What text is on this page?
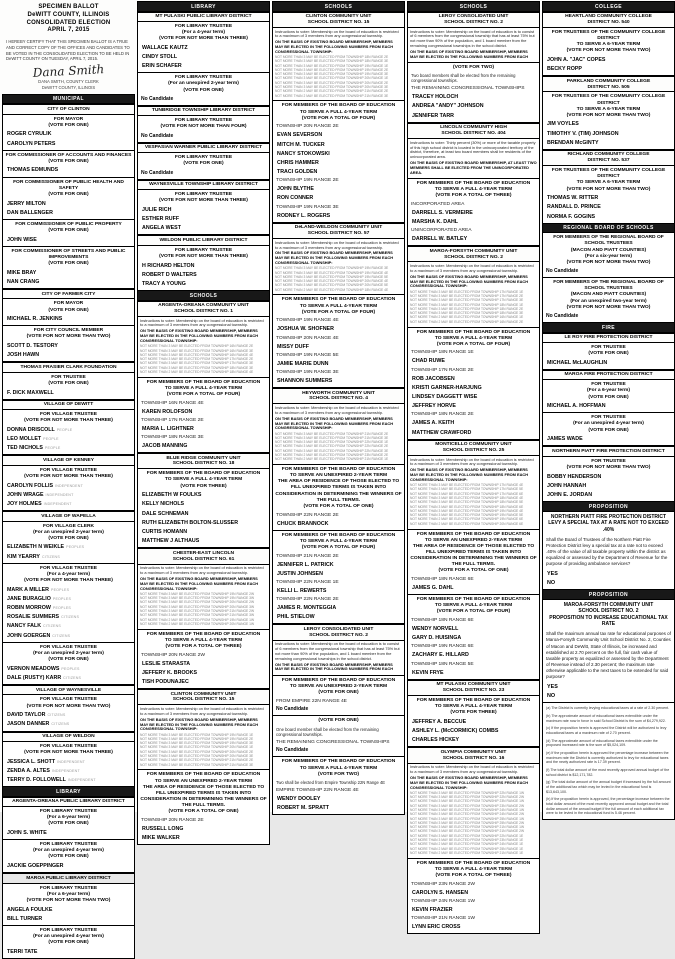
SPECIMEN BALLOT
DeWITT COUNTY, ILLINOIS
CONSOLIDATED ELECTION
APRIL 7, 2015
I HEREBY CERTIFY THAT THIS SPECIMEN BALLOT IS A TRUE AND CORRECT COPY OF THE OFFICES AND CANDIDATES TO BE VOTED IN THE CONSOLIDATED ELECTION TO BE HELD IN DeWITT COUNTY ON TUESDAY, APRIL 7, 2015.
Dana Smith
DANA SMITH, COUNTY CLERK
DeWITT COUNTY, ILLINOIS
MUNICIPAL
CITY OF CLINTON
FOR MAYOR
(VOTE FOR ONE)
ROGER CYRULIK
CAROLYN PETERS
FOR COMMISSIONER OF ACCOUNTS AND FINANCES
(VOTE FOR ONE)
THOMAS EDMUNDS
FOR COMMISSIONER OF PUBLIC HEALTH AND SAFETY
(VOTE FOR ONE)
JERRY MILTON
DAN BALLENGER
FOR COMMISSIONER OF PUBLIC PROPERTY
(VOTE FOR ONE)
JOHN WISE
FOR COMMISSIONER OF STREETS AND PUBLIC IMPROVEMENTS
(VOTE FOR ONE)
MIKE BRAY
NAN CRANG
CITY OF FARMER CITY
FOR MAYOR
(VOTE FOR ONE)
MICHAEL R. JENKINS
FOR CITY COUNCIL MEMBER
(VOTE FOR NOT MORE THAN TWO)
SCOTT D. TESTORY
JOSH HAWN
THOMAS FRASIER CLARK FOUNDATION
FOR TRUSTEE
(VOTE FOR ONE)
F. DICK MAXWELL
VILLAGE OF DEWITT
FOR VILLAGE TRUSTEE
(VOTE FOR NOT MORE THAN THREE)
DONNA DRISCOLL PEOPLE
LEO MOLLET PEOPLE
TED NICHOLS PEOPLE
VILLAGE OF KENNEY
FOR VILLAGE TRUSTEE
(VOTE FOR NOT MORE THAN THREE)
CAROLYN FOLLIS INDEPENDENT
JOHN WRAGE INDEPENDENT
JOY HOLMES INDEPENDENT
VILLAGE OF WAPELLA
FOR VILLAGE CLERK
(For an unexpired 2-year term)
(VOTE FOR ONE)
ELIZABETH N WEIKLE PEOPLES
KIM YEARRY CITIZENS
FOR VILLAGE TRUSTEE
(For a 4-year term)
(VOTE FOR NOT MORE THAN THREE)
MARK A MILLER PEOPLES
JANE BURAGLIO PEOPLES
ROBIN MORROW PEOPLES
ROSALIE SUMMERS CITIZENS
NANCY FALK CITIZENS
JOHN GOERGEN CITIZENS
FOR VILLAGE TRUSTEE
(For an unexpired 2-year term)
(VOTE FOR ONE)
VERNON MEADOWS PEOPLES
DALE (RUSTY) KARR CITIZENS
VILLAGE OF WAYNESVILLE
FOR VILLAGE TRUSTEE
(VOTE FOR NOT MORE THAN TWO)
DAVID TAYLOR CITIZENS
JASON DANNER CITIZENS
VILLAGE OF WELDON
FOR VILLAGE TRUSTEE
(VOTE FOR NOT MORE THAN THREE)
JESSICA L. SHOTT INDEPENDENT
ZENDA A. ALTES INDEPENDENT
TERRY D. FOLLOWELL INDEPENDENT
LIBRARY
ARGENTA-OREANA PUBLIC LIBRARY DISTRICT
FOR LIBRARY TRUSTEE
(For a 6-year term)
(VOTE FOR ONE)
JOHN S. WHITE
FOR LIBRARY TRUSTEE
(For an unexpired 4-year term)
(VOTE FOR ONE)
JACKIE GOEPPINGER
MAROA PUBLIC LIBRARY DISTRICT
FOR LIBRARY TRUSTEE
(For a 6-year term)
(VOTE FOR NOT MORE THAN TWO)
ANGELA FOULKE
BILL TURNER
FOR LIBRARY TRUSTEE
(For an unexpired 4-year term)
(VOTE FOR ONE)
TERRI TATE
LIBRARY
MT PULASKI PUBLIC LIBRARY DISTRICT
FOR LIBRARY TRUSTEE
(For a 4-year term)
(VOTE FOR NOT MORE THAN THREE)
WALLACE KAUTZ
CINDY STOLL
ERIN SCHAFER
FOR LIBRARY TRUSTEE
(For an unexpired 2-year term)
(VOTE FOR ONE)
No Candidate
TUNBRIDGE TOWNSHIP LIBRARY DISTRICT
FOR LIBRARY TRUSTEE
(VOTE FOR NOT MORE THAN FOUR)
No Candidate
VESPASIAN WARNER PUBLIC LIBRARY DISTRICT
FOR LIBRARY TRUSTEE
(VOTE FOR ONE)
No Candidate
WAYNESVILLE TOWNSHIP LIBRARY DISTRICT
FOR LIBRARY TRUSTEE
(VOTE FOR NOT MORE THAN THREE)
JULIE RICH
ESTHER RUFF
ANGELA WEST
WELDON PUBLIC LIBRARY DISTRICT
FOR LIBRARY TRUSTEE
(VOTE FOR NOT MORE THAN THREE)
H RICHARD HELTON
ROBERT D WALTERS
TRACY A YOUNG
SCHOOLS
ARGENTA-OREANA COMMUNITY UNIT
SCHOOL DISTRICT NO. 1
Instructions to voter: Membership on the board of education is restricted to a maximum of 3 members from any congressional township.
ON THE BASIS OF EXISTING BOARD MEMBERSHIP, MEMBERS MAY BE ELECTED IN THE FOLLOWING NUMBERS FROM EACH CONGRESSIONAL TOWNSHIP:
NOT MORE THAN 3 MAY BE ELECTED FROM TOWNSHIP 16N RANGE 2E
NOT MORE THAN 3 MAY BE ELECTED FROM TOWNSHIP 16N RANGE 3E
NOT MORE THAN 3 MAY BE ELECTED FROM TOWNSHIP 16N RANGE 4E
NOT MORE THAN 3 MAY BE ELECTED FROM TOWNSHIP 17N RANGE 2E
NOT MORE THAN 3 MAY BE ELECTED FROM TOWNSHIP 17N RANGE 3E
NOT MORE THAN 3 MAY BE ELECTED FROM TOWNSHIP 18N RANGE 3E
NOT MORE THAN 2 MAY BE ELECTED FROM TOWNSHIP 18N RANGE 4E
FOR MEMBERS OF THE BOARD OF EDUCATION
TO SERVE A FULL 4-YEAR TERM
(VOTE FOR A TOTAL OF FOUR)
TOWNSHIP 16N RANGE 4E
KAREN ROLOFSON
TOWNSHIP 17N RANGE 2E
MARIA L. LIGHTNER
TOWNSHIP 18N RANGE 3E
JACOB MANNING
BLUE RIDGE COMMUNITY UNIT
SCHOOL DISTRICT NO. 18
FOR MEMBERS OF THE BOARD OF EDUCATION
TO SERVE A FULL 4-YEAR TERM
(VOTE FOR THREE)
ELIZABETH W FOULKS
KELLY NICHOLS
DALE SCHNEMAN
RUTH ELIZABETH BOLTON-SLUSSER
CURTIS HOMANN
MATTHEW J ALTHAUS
CHESTER-EAST LINCOLN
SCHOOL DISTRICT NO. 61
Instructions to voter: Membership on the board of education is restricted to a maximum of 3 members from any congressional township.
ON THE BASIS OF EXISTING BOARD MEMBERSHIP, MEMBERS MAY BE ELECTED IN THE FOLLOWING NUMBERS FROM EACH CONGRESSIONAL TOWNSHIP:
NOT MORE THAN 3 MAY BE ELECTED FROM TOWNSHIP 19N RANGE 2W
NOT MORE THAN 3 MAY BE ELECTED FROM TOWNSHIP 19N RANGE 3W
NOT MORE THAN 3 MAY BE ELECTED FROM TOWNSHIP 20N RANGE 2W
NOT MORE THAN 3 MAY BE ELECTED FROM TOWNSHIP 20N RANGE 3W
NOT MORE THAN 3 MAY BE ELECTED FROM TOWNSHIP 21N RANGE 2W
NOT MORE THAN 3 MAY BE ELECTED FROM TOWNSHIP 21N RANGE 3W
NOT MORE THAN 2 MAY BE ELECTED FROM TOWNSHIP 19N RANGE 1W
NOT MORE THAN 2 MAY BE ELECTED FROM TOWNSHIP 20N RANGE 1W
FOR MEMBERS OF THE BOARD OF EDUCATION
TO SERVE A FULL 4-YEAR TERM
(VOTE FOR A TOTAL OF THREE)
TOWNSHIP 20N RANGE 2W
LESLIE STARASTA
JEFFERY K. BROOKS
TISH PODUNAJEC
CLINTON COMMUNITY UNIT
SCHOOL DISTRICT NO. 15
Instructions to voter: Membership on the board of education is restricted to a maximum of 3 members from any congressional township.
ON THE BASIS OF EXISTING BOARD MEMBERSHIP, MEMBERS MAY BE ELECTED IN THE FOLLOWING NUMBERS FROM EACH CONGRESSIONAL TOWNSHIP:
NOT MORE THAN 3 MAY BE ELECTED FROM TOWNSHIP 19N RANGE 1E
NOT MORE THAN 3 MAY BE ELECTED FROM TOWNSHIP 19N RANGE 2E
NOT MORE THAN 3 MAY BE ELECTED FROM TOWNSHIP 19N RANGE 3E
NOT MORE THAN 3 MAY BE ELECTED FROM TOWNSHIP 20N RANGE 1E
NOT MORE THAN 3 MAY BE ELECTED FROM TOWNSHIP 20N RANGE 2E
NOT MORE THAN 3 MAY BE ELECTED FROM TOWNSHIP 20N RANGE 3E
NOT MORE THAN 2 MAY BE ELECTED FROM TOWNSHIP 21N RANGE 2E
NOT MORE THAN 2 MAY BE ELECTED FROM TOWNSHIP 21N RANGE 3E
FOR MEMBERS OF THE BOARD OF EDUCATION
TO SERVE AN UNEXPIRED 2-YEAR TERM
THE AREA OF RESIDENCE OF THOSE ELECTED TO FILL UNEXPIRED TERMS IS TAKEN INTO CONSIDERATION IN DETERMINING THE WINNERS OF THE FULL TERMS.
(VOTE FOR A TOTAL OF ONE)
TOWNSHIP 20N RANGE 2E
RUSSELL LONG
MIKE WALKER
SCHOOLS
CLINTON COMMUNITY UNIT
SCHOOL DISTRICT NO. 15
Instructions to voter: Membership on the board of education is restricted to a maximum of 3 members from any congressional township.
ON THE BASIS OF EXISTING BOARD MEMBERSHIP, MEMBERS MAY BE ELECTED IN THE FOLLOWING NUMBERS FROM EACH CONGRESSIONAL TOWNSHIP:
NOT MORE THAN 3 MAY BE ELECTED FROM TOWNSHIP 18N RANGE 2E
NOT MORE THAN 3 MAY BE ELECTED FROM TOWNSHIP 18N RANGE 3E
NOT MORE THAN 3 MAY BE ELECTED FROM TOWNSHIP 19N RANGE 1E
NOT MORE THAN 3 MAY BE ELECTED FROM TOWNSHIP 19N RANGE 2E
NOT MORE THAN 3 MAY BE ELECTED FROM TOWNSHIP 19N RANGE 3E
NOT MORE THAN 3 MAY BE ELECTED FROM TOWNSHIP 20N RANGE 1E
NOT MORE THAN 3 MAY BE ELECTED FROM TOWNSHIP 20N RANGE 2E
NOT MORE THAN 3 MAY BE ELECTED FROM TOWNSHIP 20N RANGE 3E
NOT MORE THAN 2 MAY BE ELECTED FROM TOWNSHIP 21N RANGE 2E
NOT MORE THAN 2 MAY BE ELECTED FROM TOWNSHIP 21N RANGE 3E
FOR MEMBERS OF THE BOARD OF EDUCATION
TO SERVE A FULL 4-YEAR TERM
(VOTE FOR A TOTAL OF FOUR)
TOWNSHIP 20N RANGE 2E
EVAN SEVERSON
MITCH M. TUCKER
NANCY STOKOWSKI
CHRIS HAMMER
TRACI GOLDEN
TOWNSHIP 19N RANGE 2E
JOHN BLYTHE
RON CONNER
TOWNSHIP 19N RANGE 3E
RODNEY L. ROGERS
DeLAND-WELDON COMMUNITY UNIT
SCHOOL DISTRICT NO. 57
Instructions to voter: Membership on the board of education is restricted to a maximum of 3 members from any congressional township.
ON THE BASIS OF EXISTING BOARD MEMBERSHIP, MEMBERS MAY BE ELECTED IN THE FOLLOWING NUMBERS FROM EACH CONGRESSIONAL TOWNSHIP:
NOT MORE THAN 3 MAY BE ELECTED FROM TOWNSHIP 19N RANGE 3E
NOT MORE THAN 3 MAY BE ELECTED FROM TOWNSHIP 19N RANGE 4E
NOT MORE THAN 3 MAY BE ELECTED FROM TOWNSHIP 19N RANGE 5E
NOT MORE THAN 3 MAY BE ELECTED FROM TOWNSHIP 20N RANGE 4E
NOT MORE THAN 3 MAY BE ELECTED FROM TOWNSHIP 20N RANGE 5E
NOT MORE THAN 2 MAY BE ELECTED FROM TOWNSHIP 18N RANGE 4E
FOR MEMBERS OF THE BOARD OF EDUCATION
TO SERVE A FULL 4-YEAR TERM
(VOTE FOR A TOTAL OF FOUR)
TOWNSHIP 19N RANGE 4E
JOSHUA W. SHOFNER
TOWNSHIP 20N RANGE 4E
MISSY DUFF
TOWNSHIP 19N RANGE 5E
JAMIE MARIE DUNN
TOWNSHIP 19N RANGE 3E
SHANNON SUMMERS
HEYWORTH COMMUNITY UNIT
SCHOOL DISTRICT NO. 4
Instructions to voter: Membership on the board of education is restricted to a maximum of 3 members from any congressional township.
ON THE BASIS OF EXISTING BOARD MEMBERSHIP, MEMBERS MAY BE ELECTED IN THE FOLLOWING NUMBERS FROM EACH CONGRESSIONAL TOWNSHIP:
NOT MORE THAN 3 MAY BE ELECTED FROM TOWNSHIP 21N RANGE 2E
NOT MORE THAN 3 MAY BE ELECTED FROM TOWNSHIP 21N RANGE 3E
NOT MORE THAN 3 MAY BE ELECTED FROM TOWNSHIP 22N RANGE 1E
NOT MORE THAN 3 MAY BE ELECTED FROM TOWNSHIP 22N RANGE 2E
NOT MORE THAN 3 MAY BE ELECTED FROM TOWNSHIP 22N RANGE 3E
NOT MORE THAN 2 MAY BE ELECTED FROM TOWNSHIP 23N RANGE 2E
NOT MORE THAN 2 MAY BE ELECTED FROM TOWNSHIP 21N RANGE 1E
FOR MEMBERS OF THE BOARD OF EDUCATION
TO SERVE AN UNEXPIRED 2-YEAR TERM
THE AREA OF RESIDENCE OF THOSE ELECTED TO FILL UNEXPIRED TERMS IS TAKEN INTO CONSIDERATION IN DETERMINING THE WINNERS OF THE FULL TERMS.
(VOTE FOR A TOTAL OF ONE)
TOWNSHIP 22N RANGE 2E
CHUCK BRANNOCK
FOR MEMBERS OF THE BOARD OF EDUCATION
TO SERVE A FULL 4-YEAR TERM
(VOTE FOR A TOTAL OF FOUR)
TOWNSHIP 21N RANGE 2E
JENNIFER L. PATRICK
JUSTIN JOHNSEN
TOWNSHIP 22N RANGE 1E
KELLI L. REWERTS
TOWNSHIP 22N RANGE 2E
JAMES R. MONTEGGIA
PHIL STIELOW
LEROY CONSOLIDATED UNIT
SCHOOL DISTRICT NO. 2
Instructions to voter: Membership on the board of education is to consist of 6 members from the congressional township that has at least 75% but not more than 90% of the population, and 1 board member from the remaining congressional townships in the school district.
ON THE BASIS OF EXISTING BOARD MEMBERSHIP, MEMBERS MAY BE ELECTED IN THE FOLLOWING NUMBERS FROM EACH
FOR MEMBERS OF THE BOARD OF EDUCATION
TO SERVE AN UNEXPIRED 2-YEAR TERM
(VOTE FOR ONE)
FROM EMPIRE 22N RANGE 4E
No Candidate
(VOTE FOR ONE)
One board member shall be elected from the remaining congressional townships.
THE REMAINING CONGRESSIONAL TOWNSHIPS
No Candidate
FOR MEMBERS OF THE BOARD OF EDUCATION
TO SERVE A FULL 4-YEAR TERM
(VOTE FOR TWO)
Two shall be elected from Empire Township 22N Range 4E
EMPIRE TOWNSHIP 22N RANGE 4E
WENDY DOOLEY
ROBERT M. SPRATT
SCHOOLS
LEROY CONSOLIDATED UNIT
SCHOOL DISTRICT NO. 2
Instructions to voter: Membership on the board of education is to consist of 6 members from the congressional township that has at least 75% but not more than 90% of the population, and 1 board member from the remaining congressional townships in the school district.
ON THE BASIS OF EXISTING BOARD MEMBERSHIP, MEMBERS MAY BE ELECTED IN THE FOLLOWING NUMBERS FROM EACH
(VOTE FOR TWO)
Two board members shall be elected from the remaining congressional townships.
THE REMAINING CONGRESSIONAL TOWNSHIPS
TRACEY HOLOCH
ANDREA "ANDY" JOHNSON
JENNIFER TARR
LINCOLN COMMUNITY HIGH
SCHOOL DISTRICT NO. 404
Instructions to voter: Thirty percent (30%) or more of the taxable property of this high school district is located in the unincorporated territory of the district, therefore, at least two board members shall be residents of the unincorporated area.
ON THE BASIS OF EXISTING BOARD MEMBERSHIP, AT LEAST TWO MEMBERS SHALL BE ELECTED FROM THE UNINCORPORATED AREA.
FOR MEMBERS OF THE BOARD OF EDUCATION
TO SERVE A FULL 4-YEAR TERM
(VOTE FOR A TOTAL OF THREE)
INCORPORATED AREA
DARRELL S. VERMEIRE
MARSHA K. DAHL
UNINCORPORATED AREA
DARRELL W. BATLEY
MAROA-FORSYTH COMMUNITY UNIT
SCHOOL DISTRICT NO. 2
Instructions to voter: Membership on the board of education is restricted to a maximum of 3 members from any congressional township.
ON THE BASIS OF EXISTING BOARD MEMBERSHIP, MEMBERS MAY BE ELECTED IN THE FOLLOWING NUMBERS FROM EACH CONGRESSIONAL TOWNSHIP:
NOT MORE THAN 3 MAY BE ELECTED FROM TOWNSHIP 17N RANGE 1E
NOT MORE THAN 3 MAY BE ELECTED FROM TOWNSHIP 17N RANGE 2E
NOT MORE THAN 3 MAY BE ELECTED FROM TOWNSHIP 17N RANGE 3E
NOT MORE THAN 3 MAY BE ELECTED FROM TOWNSHIP 18N RANGE 1E
NOT MORE THAN 3 MAY BE ELECTED FROM TOWNSHIP 18N RANGE 2E
NOT MORE THAN 3 MAY BE ELECTED FROM TOWNSHIP 18N RANGE 3E
NOT MORE THAN 2 MAY BE ELECTED FROM TOWNSHIP 16N RANGE 1E
NOT MORE THAN 2 MAY BE ELECTED FROM TOWNSHIP 16N RANGE 2E
FOR MEMBERS OF THE BOARD OF EDUCATION
TO SERVE A FULL 4-YEAR TERM
(VOTE FOR A TOTAL OF FOUR)
TOWNSHIP 18N RANGE 1E
CHAD RUWE
TOWNSHIP 17N RANGE 2E
ROB JACOBSEN
KRISTI GARNER-HARJUNG
LINDSEY DAGGETT WISE
JEFFREY HORVE
TOWNSHIP 18N RANGE 2E
JAMES A. KEITH
MATTHEW CRAWFORD
MONTICELLO COMMUNITY UNIT
SCHOOL DISTRICT NO. 25
Instructions to voter: Membership on the board of education is restricted to a maximum of 3 members from any congressional township.
ON THE BASIS OF EXISTING BOARD MEMBERSHIP, MEMBERS MAY BE ELECTED IN THE FOLLOWING NUMBERS FROM EACH CONGRESSIONAL TOWNSHIP:
NOT MORE THAN 3 MAY BE ELECTED FROM TOWNSHIP 17N RANGE 4E
NOT MORE THAN 3 MAY BE ELECTED FROM TOWNSHIP 17N RANGE 5E
NOT MORE THAN 3 MAY BE ELECTED FROM TOWNSHIP 17N RANGE 6E
NOT MORE THAN 3 MAY BE ELECTED FROM TOWNSHIP 18N RANGE 4E
NOT MORE THAN 3 MAY BE ELECTED FROM TOWNSHIP 18N RANGE 5E
NOT MORE THAN 3 MAY BE ELECTED FROM TOWNSHIP 18N RANGE 6E
NOT MORE THAN 3 MAY BE ELECTED FROM TOWNSHIP 19N RANGE 4E
NOT MORE THAN 3 MAY BE ELECTED FROM TOWNSHIP 19N RANGE 5E
NOT MORE THAN 2 MAY BE ELECTED FROM TOWNSHIP 19N RANGE 6E
NOT MORE THAN 2 MAY BE ELECTED FROM TOWNSHIP 20N RANGE 6E
FOR MEMBERS OF THE BOARD OF EDUCATION
TO SERVE AN UNEXPIRED 2-YEAR TERM
THE AREA OF RESIDENCE OF THOSE ELECTED TO FILL UNEXPIRED TERMS IS TAKEN INTO CONSIDERATION IN DETERMINING THE WINNERS OF THE FULL TERMS.
(VOTE FOR A TOTAL OF ONE)
TOWNSHIP 18N RANGE 6E
JAMES G. DAHL
FOR MEMBERS OF THE BOARD OF EDUCATION
TO SERVE A FULL 4-YEAR TERM
(VOTE FOR A TOTAL OF FOUR)
TOWNSHIP 18N RANGE 6E
WENDY NORVELL
GARY D. HUISINGA
TOWNSHIP 19N RANGE 6E
ZACHARY E. HILLARD
TOWNSHIP 18N RANGE 5E
KEVIN FRYE
MT PULASKI COMMUNITY UNIT
SCHOOL DISTRICT NO. 23
FOR MEMBERS OF THE BOARD OF EDUCATION
TO SERVE A FULL 4-YEAR TERM
(VOTE FOR THREE)
JEFFREY A. BECCUE
ASHLEY L. (McCORMICK) COMBS
CHARLES HICKEY
OLYMPIA COMMUNITY UNIT
SCHOOL DISTRICT NO. 16
Instructions to voter: Membership on the board of education is restricted to a maximum of 3 members from any congressional township.
ON THE BASIS OF EXISTING BOARD MEMBERSHIP, MEMBERS MAY BE ELECTED IN THE FOLLOWING NUMBERS FROM EACH CONGRESSIONAL TOWNSHIP:
NOT MORE THAN 3 MAY BE ELECTED FROM TOWNSHIP 22N RANGE 1W
NOT MORE THAN 3 MAY BE ELECTED FROM TOWNSHIP 22N RANGE 2W
NOT MORE THAN 3 MAY BE ELECTED FROM TOWNSHIP 23N RANGE 1W
NOT MORE THAN 3 MAY BE ELECTED FROM TOWNSHIP 23N RANGE 2W
NOT MORE THAN 3 MAY BE ELECTED FROM TOWNSHIP 24N RANGE 1W
NOT MORE THAN 3 MAY BE ELECTED FROM TOWNSHIP 24N RANGE 2W
NOT MORE THAN 3 MAY BE ELECTED FROM TOWNSHIP 25N RANGE 1W
NOT MORE THAN 3 MAY BE ELECTED FROM TOWNSHIP 25N RANGE 2W
NOT MORE THAN 3 MAY BE ELECTED FROM TOWNSHIP 21N RANGE 1W
NOT MORE THAN 3 MAY BE ELECTED FROM TOWNSHIP 21N RANGE 2W
NOT MORE THAN 3 MAY BE ELECTED FROM TOWNSHIP 22N RANGE 1E
NOT MORE THAN 3 MAY BE ELECTED FROM TOWNSHIP 23N RANGE 1E
NOT MORE THAN 2 MAY BE ELECTED FROM TOWNSHIP 24N RANGE 1E
NOT MORE THAN 2 MAY BE ELECTED FROM TOWNSHIP 25N RANGE 1E
NOT MORE THAN 2 MAY BE ELECTED FROM TOWNSHIP 21N RANGE 1E
FOR MEMBERS OF THE BOARD OF EDUCATION
TO SERVE A FULL 4-YEAR TERM
(VOTE FOR A TOTAL OF THREE)
TOWNSHIP 23N RANGE 2W
CAROLYN S. HANSEN
TOWNSHIP 24N RANGE 1W
KEVIN FRAZIER
TOWNSHIP 21N RANGE 1W
LYNN ERIC CROSS
COLLEGE
HEARTLAND COMMUNITY COLLEGE
DISTRICT NO. 540
FOR TRUSTEES OF THE COMMUNITY COLLEGE DISTRICT
TO SERVE A 6-YEAR TERM
(VOTE FOR NOT MORE THAN TWO)
JOHN A. "JAC" COPES
BECKY ROPP
PARKLAND COMMUNITY COLLEGE
DISTRICT NO. 505
FOR TRUSTEES OF THE COMMUNITY COLLEGE DISTRICT
TO SERVE A 6-YEAR TERM
(VOTE FOR NOT MORE THAN TWO)
JIM VOYLES
TIMOTHY V. (TIM) JOHNSON
BRENDAN McGINTY
RICHLAND COMMUNITY COLLEGE
DISTRICT NO. 537
FOR TRUSTEES OF THE COMMUNITY COLLEGE DISTRICT
TO SERVE A 6-YEAR TERM
(VOTE FOR NOT MORE THAN TWO)
THOMAS W. RITTER
RANDALL D. PRINCE
NORMA F. GOGINS
REGIONAL BOARD OF SCHOOLS
FOR MEMBERS OF THE REGIONAL BOARD OF SCHOOL TRUSTEES
(MACON AND PIATT COUNTIES)
(For a six-year term)
(VOTE FOR NOT MORE THAN TWO)
No Candidate
FOR MEMBERS OF THE REGIONAL BOARD OF SCHOOL TRUSTEES
(MACON AND PIATT COUNTIES)
(For an unexpired two-year term)
(VOTE FOR NOT MORE THAN TWO)
No Candidate
FIRE
LE ROY FIRE PROTECTION DISTRICT
FOR TRUSTEE
(VOTE FOR ONE)
MICHAEL McLAUGHLIN
MAROA FIRE PROTECTION DISTRICT
FOR TRUSTEE
(For a 6-year term)
(VOTE FOR ONE)
MICHAEL A. HOFFMAN
FOR TRUSTEE
(For an unexpired 4-year term)
(VOTE FOR ONE)
JAMES WADE
NORTHERN PIATT FIRE PROTECTION DISTRICT
FOR TRUSTEE
(VOTE FOR NOT MORE THAN TWO)
BOBBY HENDERSON
JOHN HANNAH
JOHN E. JORDAN
PROPOSITION
NORTHERN PIATT FIRE PROTECTION DISTRICT
LEVY A SPECIAL TAX AT A RATE NOT TO EXCEED .40%
Shall the Board of Trustees of the Northern Piatt Fire Protection District levy a special tax at a rate not to exceed .40% of the value of all taxable property within the district as equalized or assessed by the Department of Revenue for the purpose of providing ambulance services?
YES
NO
PROPOSITION
MAROA-FORSYTH COMMUNITY UNIT
SCHOOL DISTRICT NO. 2
PROPOSITION TO INCREASE EDUCATIONAL TAX RATE
Shall the maximum annual tax rate for educational purposes of Maroa-Forsyth Community Unit School District No. 2, Counties of Macon and DeWitt, State of Illinois, be increased and established at 2.70 percent on the full, fair cash value of taxable property as equalized or assessed by the Department of Revenue instead of 2.30 percent; the maximum rate otherwise applicable to the next taxes to be extended for said purpose?
YES
NO
(a) The District is currently levying educational taxes at a rate of 2.30 percent.
(b) The approximate amount of educational taxes extendible under the maximum rate now in force in said School District is the sum of $4,279,922.
(c) If the proposition herein is approved the District will be authorized to levy educational taxes at a maximum rate of 2.70 percent.
(d) The approximate amount of educational taxes extendible under the proposed increased rate is the sum of $5,024,109.
(e) If the proposition herein is approved the percentage increase between the maximum rate the District is currently authorized to levy for educational taxes and the newly authorized rate is 17.39 percent.
(f) The total dollar amount of the most recently approved annual budget of the school district is $12,171,782.
(g) The total dollar amount of the annual budget if increased by the full amount of the additional tax which may be levied in the educational fund is $13,643,100.
(h) If the proposition herein is approved, the percentage increase between the total dollar amount of the most recently approved annual budget and the total dollar amount of the annual budget if the full amount of each additional tax were to be levied in the educational fund is 5.46 percent.
